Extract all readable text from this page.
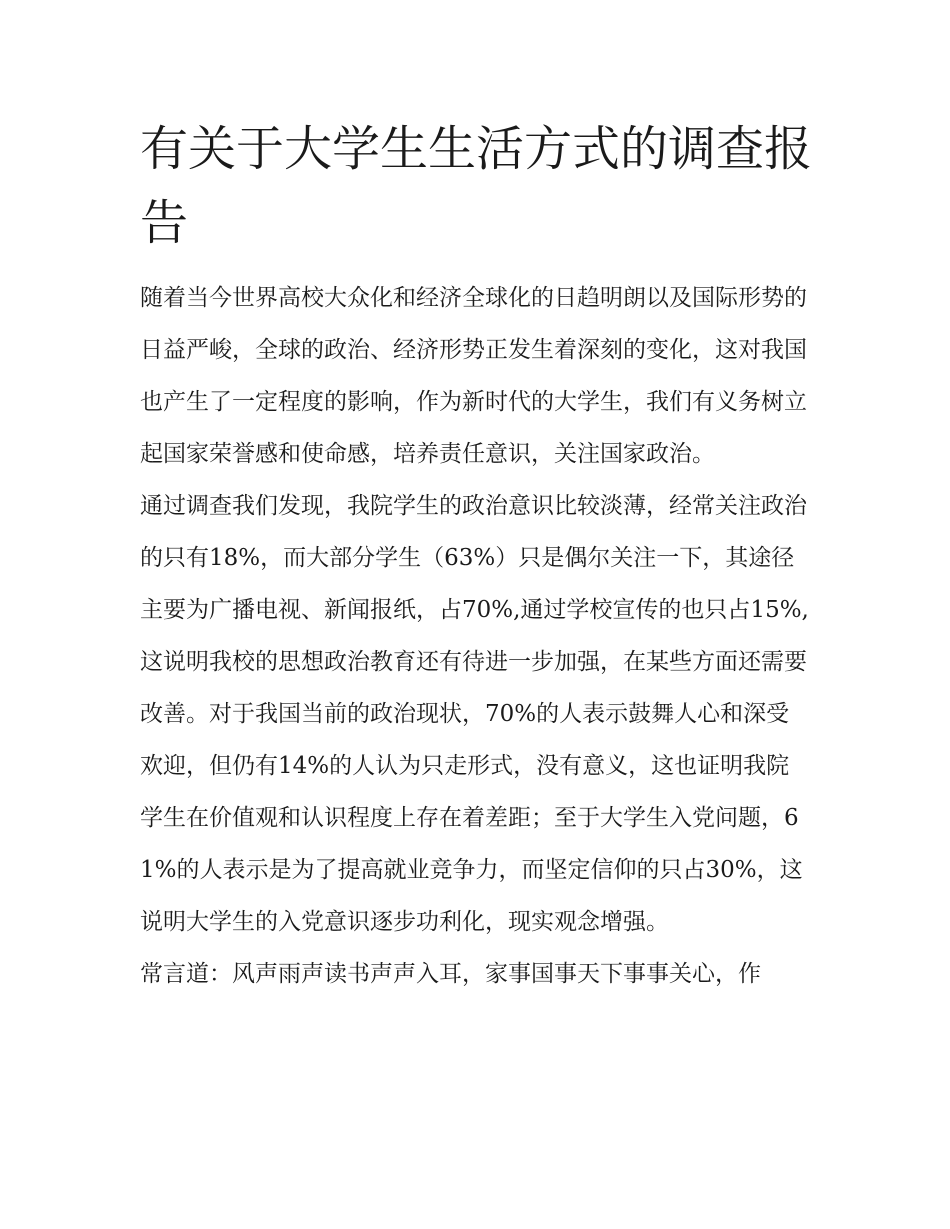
有关于大学生生活方式的调查报告

随着当今世界高校大众化和经济全球化的日趋明朗以及国际形势的日益严峻，全球的政治、经济形势正发生着深刻的变化，这对我国也产生了一定程度的影响，作为新时代的大学生，我们有义务树立起国家荣誉感和使命感，培养责任意识，关注国家政治。

通过调查我们发现，我院学生的政治意识比较淡薄，经常关注政治的只有18%，而大部分学生（63%）只是偶尔关注一下，其途径主要为广播电视、新闻报纸，占70%,通过学校宣传的也只占15%,这说明我校的思想政治教育还有待进一步加强，在某些方面还需要改善。对于我国当前的政治现状，70%的人表示鼓舞人心和深受欢迎，但仍有14%的人认为只走形式，没有意义，这也证明我院学生在价值观和认识程度上存在着差距；至于大学生入党问题，61%的人表示是为了提高就业竞争力，而坚定信仰的只占30%，这说明大学生的入党意识逐步功利化，现实观念增强。

常言道：风声雨声读书声声入耳，家事国事天下事事关心，作
